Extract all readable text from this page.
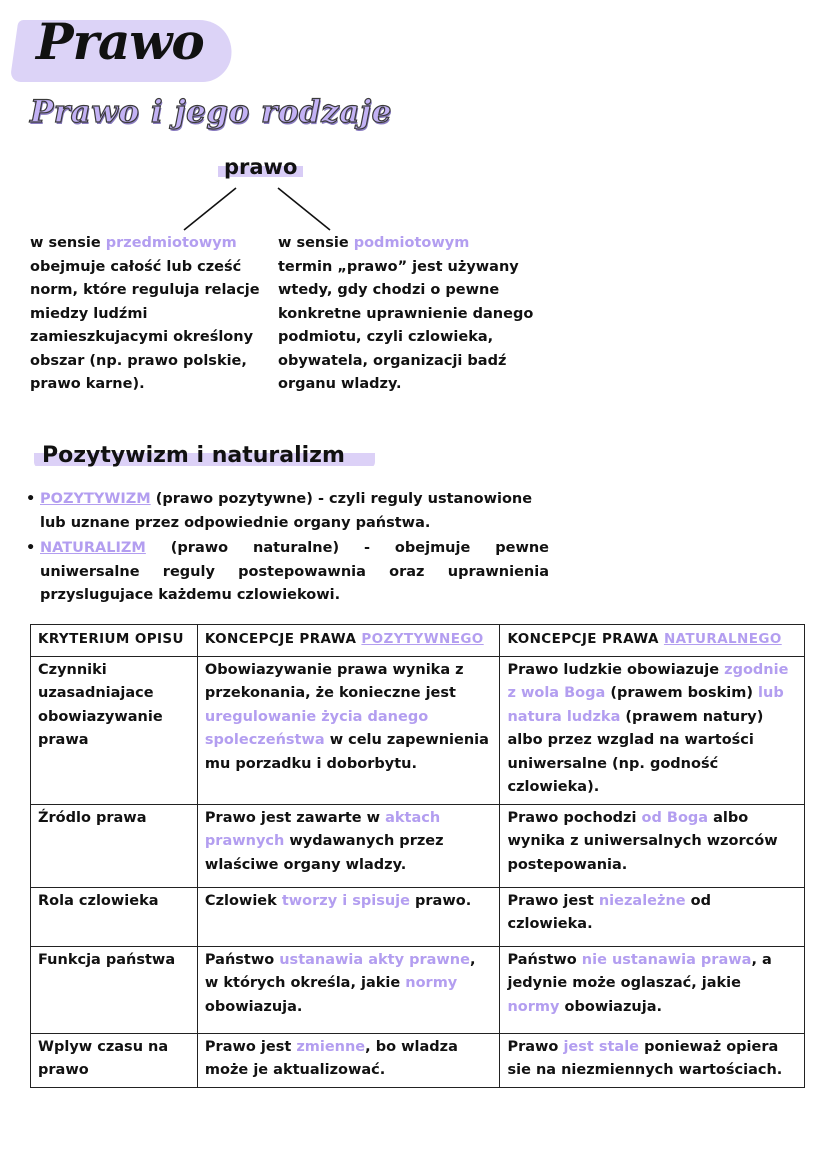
Prawo
Prawo i jego rodzaje
prawo
w sensie przedmiotowym
obejmuje całość lub cześć norm, które reguluja relacje miedzy ludźmi zamieszkujacymi określony obszar (np. prawo polskie, prawo karne).
w sensie podmiotowym
termin „prawo” jest używany wtedy, gdy chodzi o pewne konkretne uprawnienie danego podmiotu, czyli czlowieka, obywatela, organizacji badź organu wladzy.
Pozytywizm i naturalizm
• POZYTYWIZM (prawo pozytywne) - czyli reguly ustanowione lub uznane przez odpowiednie organy państwa.
• NATURALIZM (prawo naturalne) - obejmuje pewne uniwersalne reguly postepowawnia oraz uprawnienia przyslugujace każdemu czlowiekowi.
KRYTERIUM OPISU	KONCEPCJE PRAWA POZYTYWNEGO	KONCEPCJE PRAWA NATURALNEGO
Czynniki uzasadniajace obowiazywanie prawa	Obowiazywanie prawa wynika z przekonania, że konieczne jest uregulowanie życia danego spoleczeństwa w celu zapewnienia mu porzadku i doborbytu.	Prawo ludzkie obowiazuje zgodnie z wola Boga (prawem boskim) lub natura ludzka (prawem natury) albo przez wzglad na wartości uniwersalne (np. godność czlowieka).
Źródlo prawa	Prawo jest zawarte w aktach prawnych wydawanych przez wlaściwe organy wladzy.	Prawo pochodzi od Boga albo wynika z uniwersalnych wzorców postepowania.
Rola czlowieka	Czlowiek tworzy i spisuje prawo.	Prawo jest niezależne od czlowieka.
Funkcja państwa	Państwo ustanawia akty prawne, w których określa, jakie normy obowiazuja.	Państwo nie ustanawia prawa, a jedynie może oglaszać, jakie normy obowiazuja.
Wplyw czasu na prawo	Prawo jest zmienne, bo wladza może je aktualizować.	Prawo jest stale ponieważ opiera sie na niezmiennych wartościach.
